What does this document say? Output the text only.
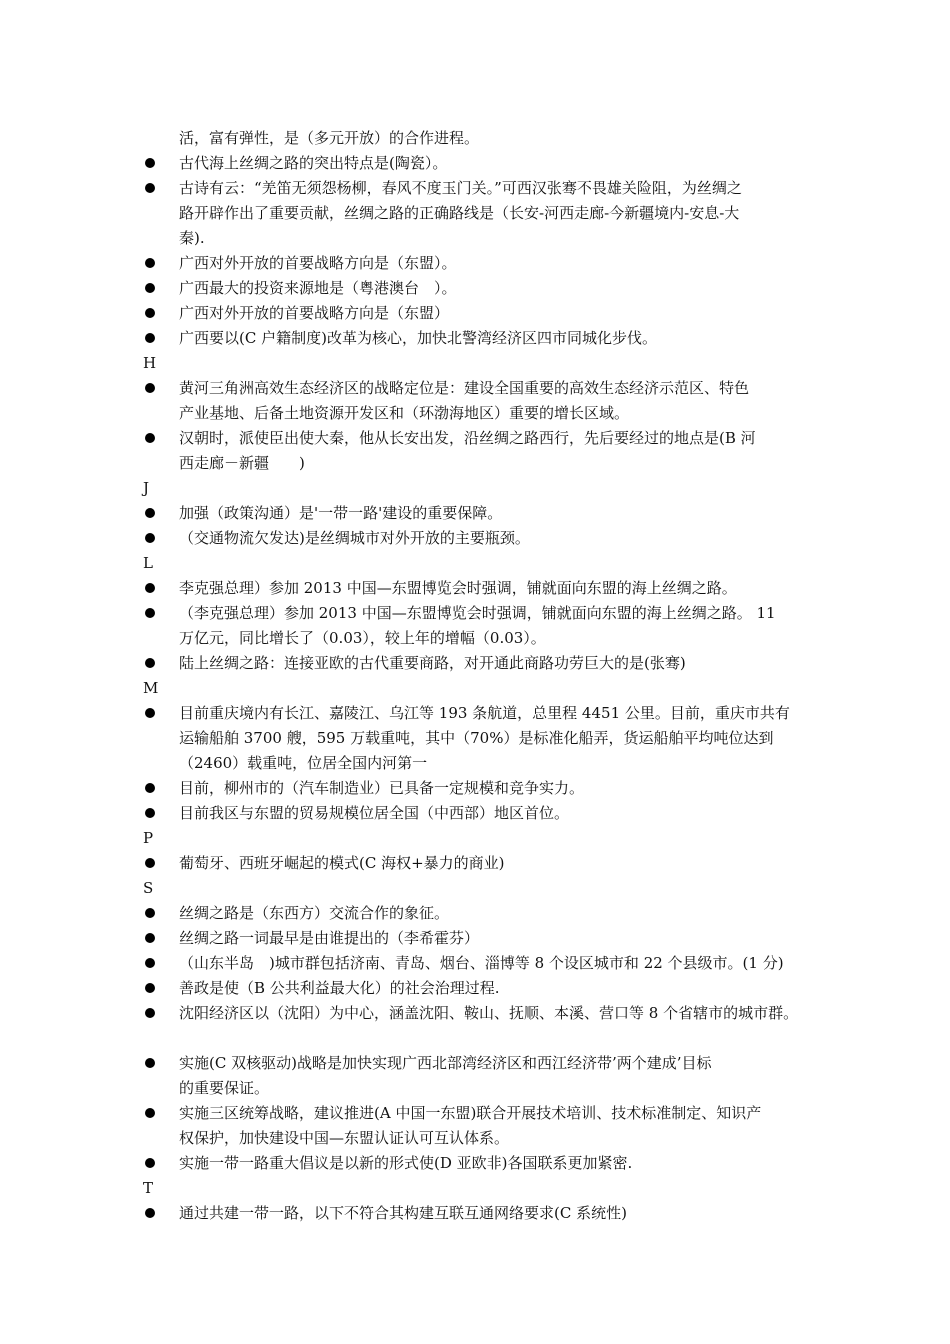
活，富有弹性，是（多元开放）的合作进程。
古代海上丝绸之路的突出特点是(陶瓷）。
古诗有云：“羌笛无须怨杨柳，春风不度玉门关。”可西汉张骞不畏雄关险阻，为丝绸之
路开辟作出了重要贡献，丝绸之路的正确路线是（长安-河西走廊-今新疆境内-安息-大
秦).
广西对外开放的首要战略方向是（东盟）。
广西最大的投资来源地是（粤港澳台　）。
广西对外开放的首要战略方向是（东盟）
广西要以(C 户籍制度)改革为核心，加快北警湾经济区四市同城化步伐。
H
黄河三角洲高效生态经济区的战略定位是：建设全国重要的高效生态经济示范区、特色
产业基地、后备土地资源开发区和（环渤海地区）重要的增长区域。
汉朝时，派使臣出使大秦，他从长安出发，沿丝绸之路西行，先后要经过的地点是(B 河
西走廊－新疆　　)
J
加强（政策沟通）是'一带一路'建设的重要保障。
（交通物流欠发达)是丝绸城市对外开放的主要瓶颈。
L
李克强总理）参加 2013 中国—东盟博览会时强调，铺就面向东盟的海上丝绸之路。
（李克强总理）参加 2013 中国—东盟博览会时强调，铺就面向东盟的海上丝绸之路。 11
万亿元，同比增长了（0.03），较上年的增幅（0.03）。
陆上丝绸之路：连接亚欧的古代重要商路，对开通此商路功劳巨大的是(张骞)
M
目前重庆境内有长江、嘉陵江、乌江等 193 条航道，总里程 4451 公里。目前，重庆市共有
运输船舶 3700 艘，595 万载重吨，其中（70%）是标准化船弄，货运船舶平均吨位达到
（2460）载重吨，位居全国内河第一
目前，柳州市的（汽车制造业）已具备一定规模和竞争实力。
目前我区与东盟的贸易规模位居全国（中西部）地区首位。
P
葡萄牙、西班牙崛起的模式(C 海权+暴力的商业)
S
丝绸之路是（东西方）交流合作的象征。
丝绸之路一词最早是由谁提出的（李希霍芬）
（山东半岛　)城市群包括济南、青岛、烟台、淄博等 8 个设区城市和 22 个县级市。(1 分)
善政是使（B 公共利益最大化）的社会治理过程.
沈阳经济区以（沈阳）为中心，涵盖沈阳、鞍山、抚顺、本溪、营口等 8 个省辖市的城市群。
实施(C 双核驱动)战略是加快实现广西北部湾经济区和西江经济带’两个建成’目标
的重要保证。
实施三区统筹战略，建议推进(A 中国一东盟)联合开展技术培训、技术标准制定、知识产
权保护，加快建设中国—东盟认证认可互认体系。
实施一带一路重大倡议是以新的形式使(D 亚欧非)各国联系更加紧密.
T
通过共建一带一路，以下不符合其构建互联互通网络要求(C 系统性)
